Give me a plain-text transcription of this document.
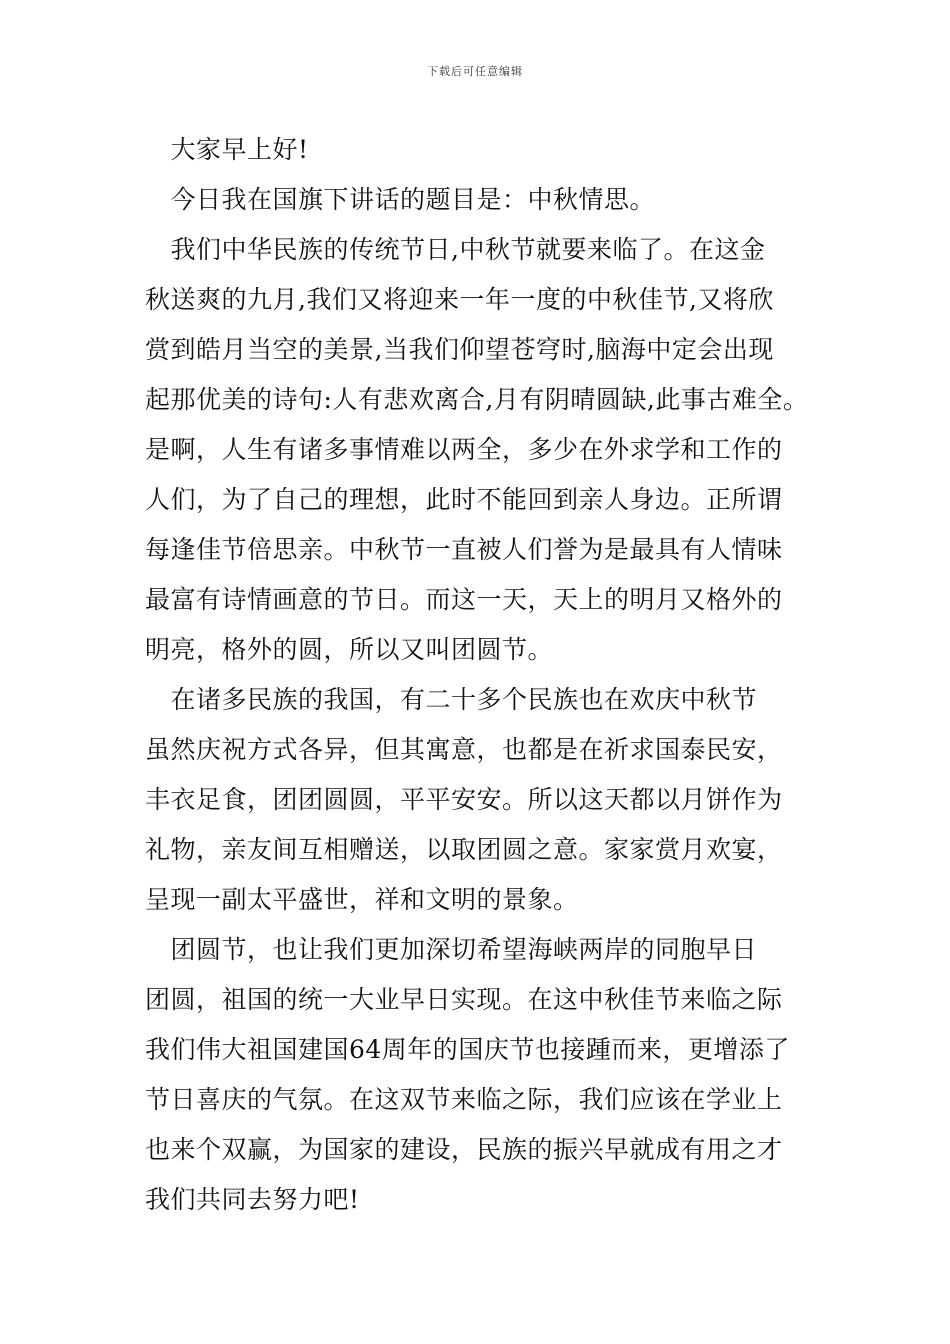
下载后可任意编辑
　大家早上好!
　今日我在国旗下讲话的题目是：中秋情思。
　我们中华民族的传统节日,中秋节就要来临了。在这金
秋送爽的九月,我们又将迎来一年一度的中秋佳节,又将欣
赏到皓月当空的美景,当我们仰望苍穹时,脑海中定会出现
起那优美的诗句:人有悲欢离合,月有阴晴圆缺,此事古难全。
是啊，人生有诸多事情难以两全，多少在外求学和工作的
人们，为了自己的理想，此时不能回到亲人身边。正所谓
每逢佳节倍思亲。中秋节一直被人们誉为是最具有人情味
最富有诗情画意的节日。而这一天，天上的明月又格外的
明亮，格外的圆，所以又叫团圆节。
　在诸多民族的我国，有二十多个民族也在欢庆中秋节
虽然庆祝方式各异，但其寓意，也都是在祈求国泰民安，
丰衣足食，团团圆圆，平平安安。所以这天都以月饼作为
礼物，亲友间互相赠送，以取团圆之意。家家赏月欢宴，
呈现一副太平盛世，祥和文明的景象。
　团圆节，也让我们更加深切希望海峡两岸的同胞早日
团圆，祖国的统一大业早日实现。在这中秋佳节来临之际
我们伟大祖国建国64周年的国庆节也接踵而来，更增添了
节日喜庆的气氛。在这双节来临之际，我们应该在学业上
也来个双赢，为国家的建设，民族的振兴早就成有用之才
我们共同去努力吧!
